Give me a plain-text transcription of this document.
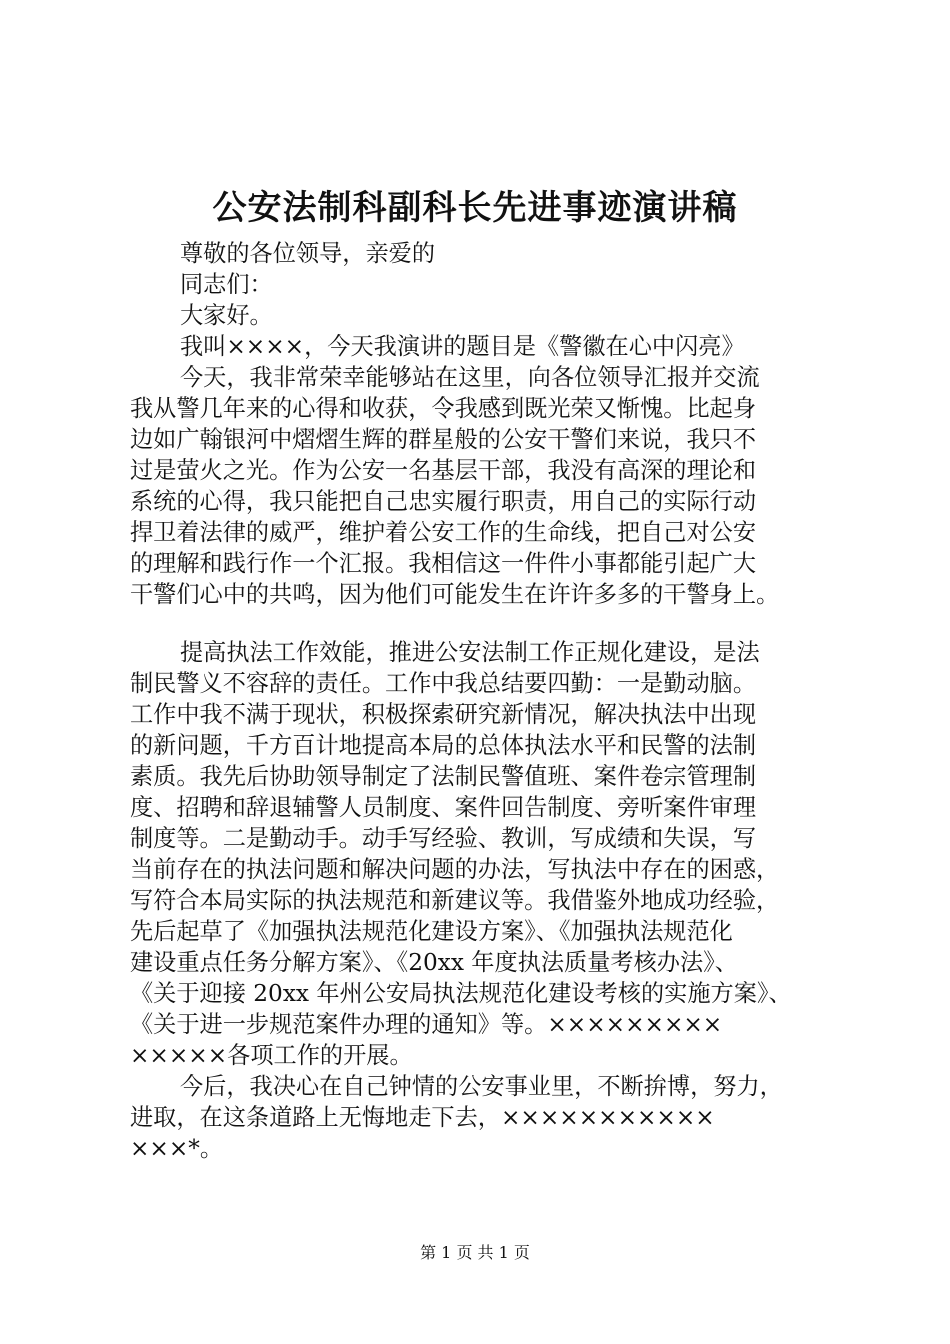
公安法制科副科长先进事迹演讲稿
尊敬的各位领导，亲爱的
同志们：
大家好。
我叫××××，今天我演讲的题目是《警徽在心中闪亮》
今天，我非常荣幸能够站在这里，向各位领导汇报并交流
我从警几年来的心得和收获，令我感到既光荣又惭愧。比起身
边如广翰银河中熠熠生辉的群星般的公安干警们来说，我只不
过是萤火之光。作为公安一名基层干部，我没有高深的理论和
系统的心得，我只能把自己忠实履行职责，用自己的实际行动
捍卫着法律的威严，维护着公安工作的生命线，把自己对公安
的理解和践行作一个汇报。我相信这一件件小事都能引起广大
干警们心中的共鸣，因为他们可能发生在许许多多的干警身上。
提高执法工作效能，推进公安法制工作正规化建设，是法
制民警义不容辞的责任。工作中我总结要四勤：一是勤动脑。
工作中我不满于现状，积极探索研究新情况，解决执法中出现
的新问题，千方百计地提高本局的总体执法水平和民警的法制
素质。我先后协助领导制定了法制民警值班、案件卷宗管理制
度、招聘和辞退辅警人员制度、案件回告制度、旁听案件审理
制度等。二是勤动手。动手写经验、教训，写成绩和失误，写
当前存在的执法问题和解决问题的办法，写执法中存在的困惑，
写符合本局实际的执法规范和新建议等。我借鉴外地成功经验，
先后起草了《加强执法规范化建设方案》、《加强执法规范化
建设重点任务分解方案》、《20xx 年度执法质量考核办法》、
《关于迎接 20xx 年州公安局执法规范化建设考核的实施方案》、
《关于进一步规范案件办理的通知》等。×××××××××
×××××各项工作的开展。
今后，我决心在自己钟情的公安事业里，不断拚博，努力，
进取，在这条道路上无悔地走下去，×××××××××××
×××*。
第 1 页 共 1 页
